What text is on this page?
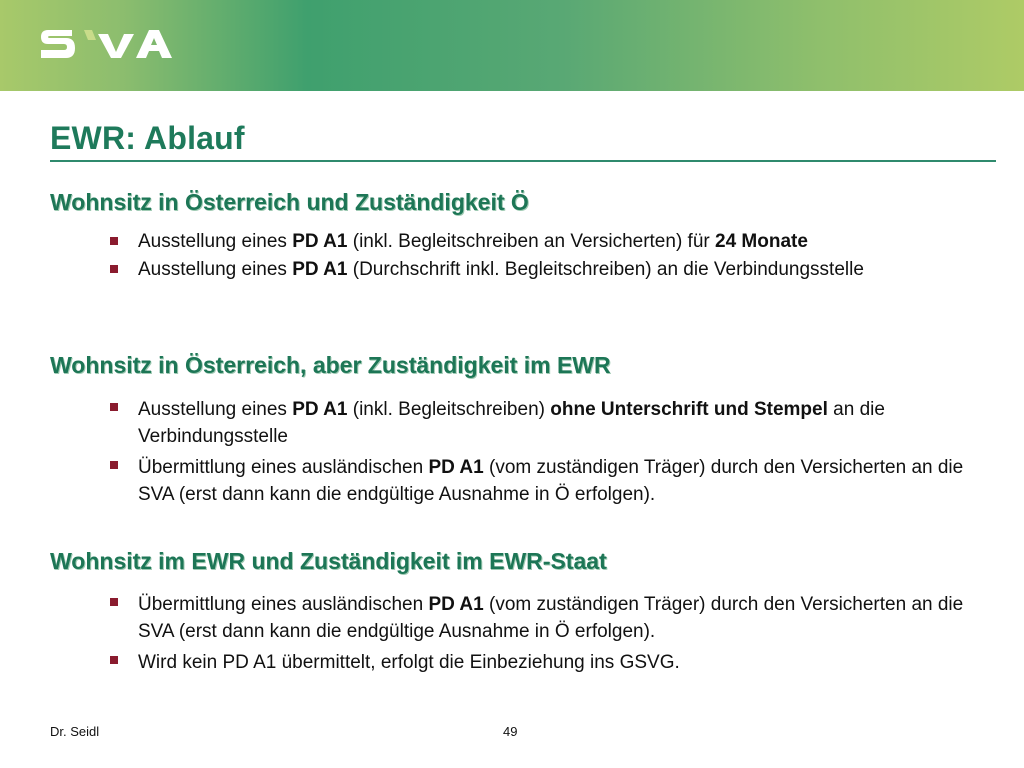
EWR: Ablauf
Wohnsitz in Österreich und Zuständigkeit Ö
Ausstellung eines PD A1 (inkl. Begleitschreiben an Versicherten) für 24 Monate
Ausstellung eines PD A1 (Durchschrift inkl. Begleitschreiben) an die Verbindungsstelle
Wohnsitz in Österreich, aber Zuständigkeit im EWR
Ausstellung eines PD A1 (inkl. Begleitschreiben) ohne Unterschrift und Stempel an die Verbindungsstelle
Übermittlung eines ausländischen PD A1 (vom zuständigen Träger) durch den Versicherten an die SVA (erst dann kann die endgültige Ausnahme in Ö erfolgen).
Wohnsitz im EWR und Zuständigkeit im EWR-Staat
Übermittlung eines ausländischen PD A1 (vom zuständigen Träger) durch den Versicherten an die SVA (erst dann kann die endgültige Ausnahme in Ö erfolgen).
Wird kein PD A1 übermittelt, erfolgt die Einbeziehung ins GSVG.
Dr. Seidl	49
